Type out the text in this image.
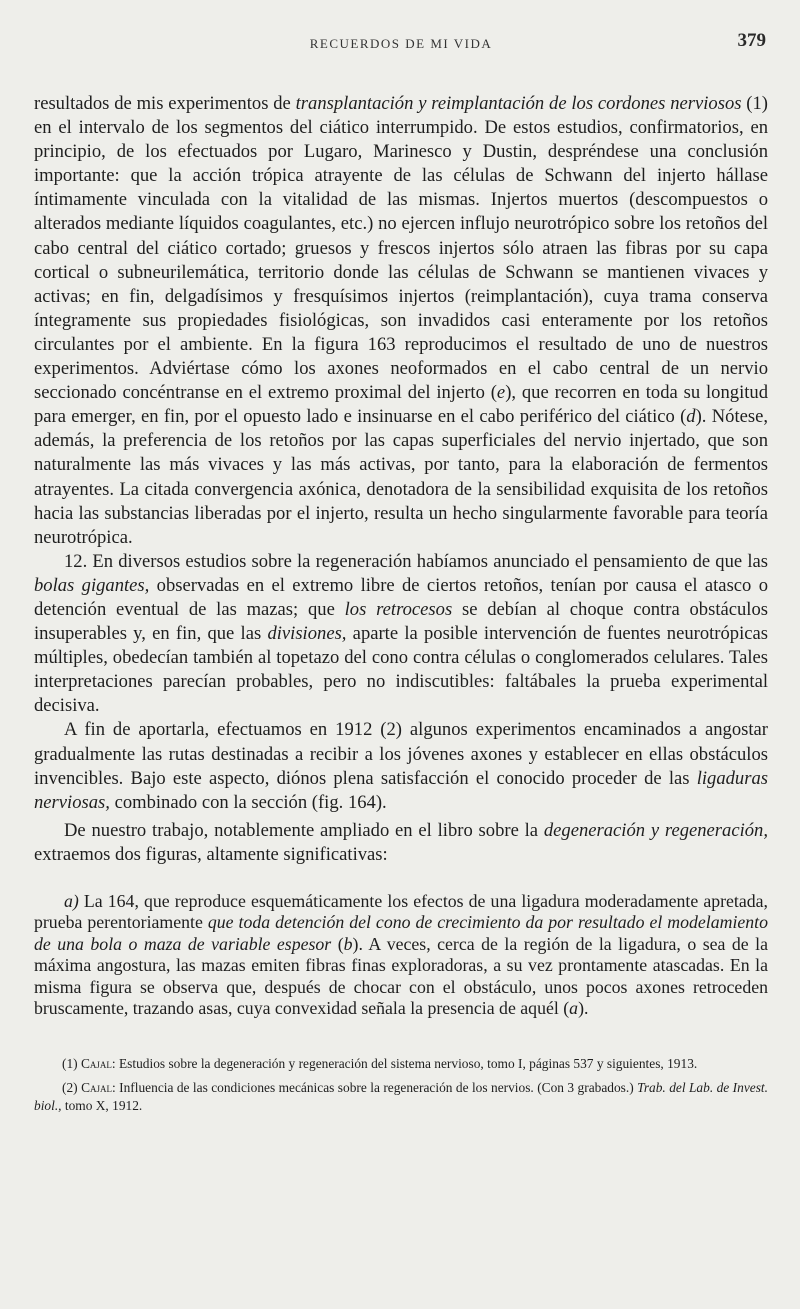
RECUERDOS DE MI VIDA	379

resultados de mis experimentos de transplantación y reimplantación de los cordones nerviosos (1) en el intervalo de los segmentos del ciático interrumpido. De estos estudios, confirmatorios, en principio, de los efectuados por Lugaro, Marinesco y Dustin, despréndese una conclusión importante: que la acción trópica atrayente de las células de Schwann del injerto hállase íntimamente vinculada con la vitalidad de las mismas. Injertos muertos (descompuestos o alterados mediante líquidos coagulantes, etc.) no ejercen influjo neurotrópico sobre los retoños del cabo central del ciático cortado; gruesos y frescos injertos sólo atraen las fibras por su capa cortical o subneurilemática, territorio donde las células de Schwann se mantienen vivaces y activas; en fin, delgadísimos y fresquísimos injertos (reimplantación), cuya trama conserva íntegramente sus propiedades fisiológicas, son invadidos casi enteramente por los retoños circulantes por el ambiente. En la figura 163 reproducimos el resultado de uno de nuestros experimentos. Adviértase cómo los axones neoformados en el cabo central de un nervio seccionado concéntranse en el extremo proximal del injerto (e), que recorren en toda su longitud para emerger, en fin, por el opuesto lado e insinuarse en el cabo periférico del ciático (d). Nótese, además, la preferencia de los retoños por las capas superficiales del nervio injertado, que son naturalmente las más vivaces y las más activas, por tanto, para la elaboración de fermentos atrayentes. La citada convergencia axónica, denotadora de la sensibilidad exquisita de los retoños hacia las substancias liberadas por el injerto, resulta un hecho singularmente favorable para teoría neurotrópica.

12. En diversos estudios sobre la regeneración habíamos anunciado el pensamiento de que las bolas gigantes, observadas en el extremo libre de ciertos retoños, tenían por causa el atasco o detención eventual de las mazas; que los retrocesos se debían al choque contra obstáculos insuperables y, en fin, que las divisiones, aparte la posible intervención de fuentes neurotrópicas múltiples, obedecían también al topetazo del cono contra células o conglomerados celulares. Tales interpretaciones parecían probables, pero no indiscutibles: faltábales la prueba experimental decisiva.

A fin de aportarla, efectuamos en 1912 (2) algunos experimentos encaminados a angostar gradualmente las rutas destinadas a recibir a los jóvenes axones y establecer en ellas obstáculos invencibles. Bajo este aspecto, diónos plena satisfacción el conocido proceder de las ligaduras nerviosas, combinado con la sección (fig. 164).

De nuestro trabajo, notablemente ampliado en el libro sobre la degeneración y regeneración, extraemos dos figuras, altamente significativas:

a) La 164, que reproduce esquemáticamente los efectos de una ligadura moderadamente apretada, prueba perentoriamente que toda detención del cono de crecimiento da por resultado el modelamiento de una bola o maza de variable espesor (b). A veces, cerca de la región de la ligadura, o sea de la máxima angostura, las mazas emiten fibras finas exploradoras, a su vez prontamente atascadas. En la misma figura se observa que, después de chocar con el obstáculo, unos pocos axones retroceden bruscamente, trazando asas, cuya convexidad señala la presencia de aquél (a).

(1) Cajal: Estudios sobre la degeneración y regeneración del sistema nervioso, tomo I, páginas 537 y siguientes, 1913.

(2) Cajal: Influencia de las condiciones mecánicas sobre la regeneración de los nervios. (Con 3 grabados.) Trab. del Lab. de Invest. biol., tomo X, 1912.
